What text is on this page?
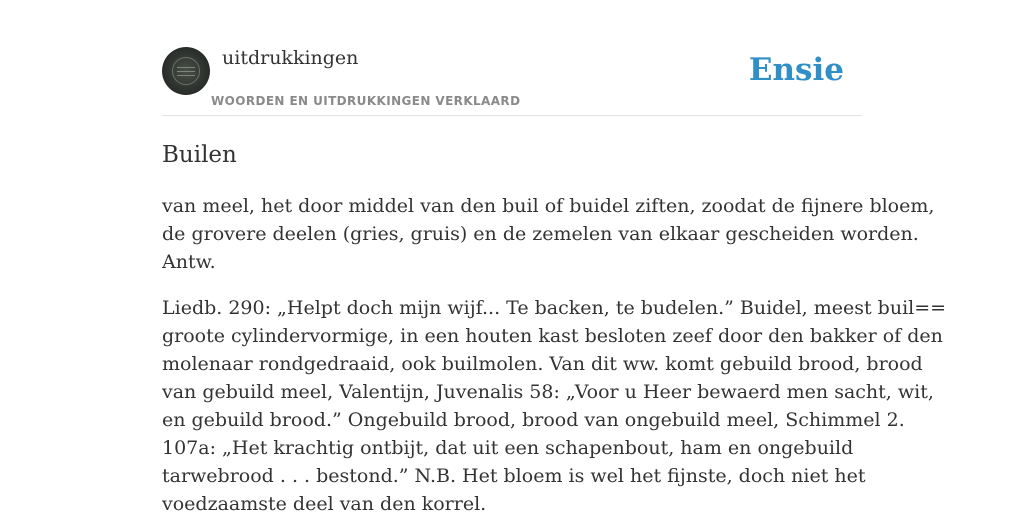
uitdrukkingen
WOORDEN EN UITDRUKKINGEN VERKLAARD
Ensie
Builen

van meel, het door middel van den buil of buidel ziften, zoodat de fijnere bloem,
de grovere deelen (gries, gruis) en de zemelen van elkaar gescheiden worden.
Antw.

Liedb. 290: „Helpt doch mijn wijf... Te backen, te budelen.” Buidel, meest buil==
groote cylindervormige, in een houten kast besloten zeef door den bakker of den
molenaar rondgedraaid, ook builmolen. Van dit ww. komt gebuild brood, brood
van gebuild meel, Valentijn, Juvenalis 58: „Voor u Heer bewaerd men sacht, wit,
en gebuild brood.” Ongebuild brood, brood van ongebuild meel, Schimmel 2.
107a: „Het krachtig ontbijt, dat uit een schapenbout, ham en ongebuild
tarwebrood . . . bestond.” N.B. Het bloem is wel het fijnste, doch niet het
voedzaamste deel van den korrel.
